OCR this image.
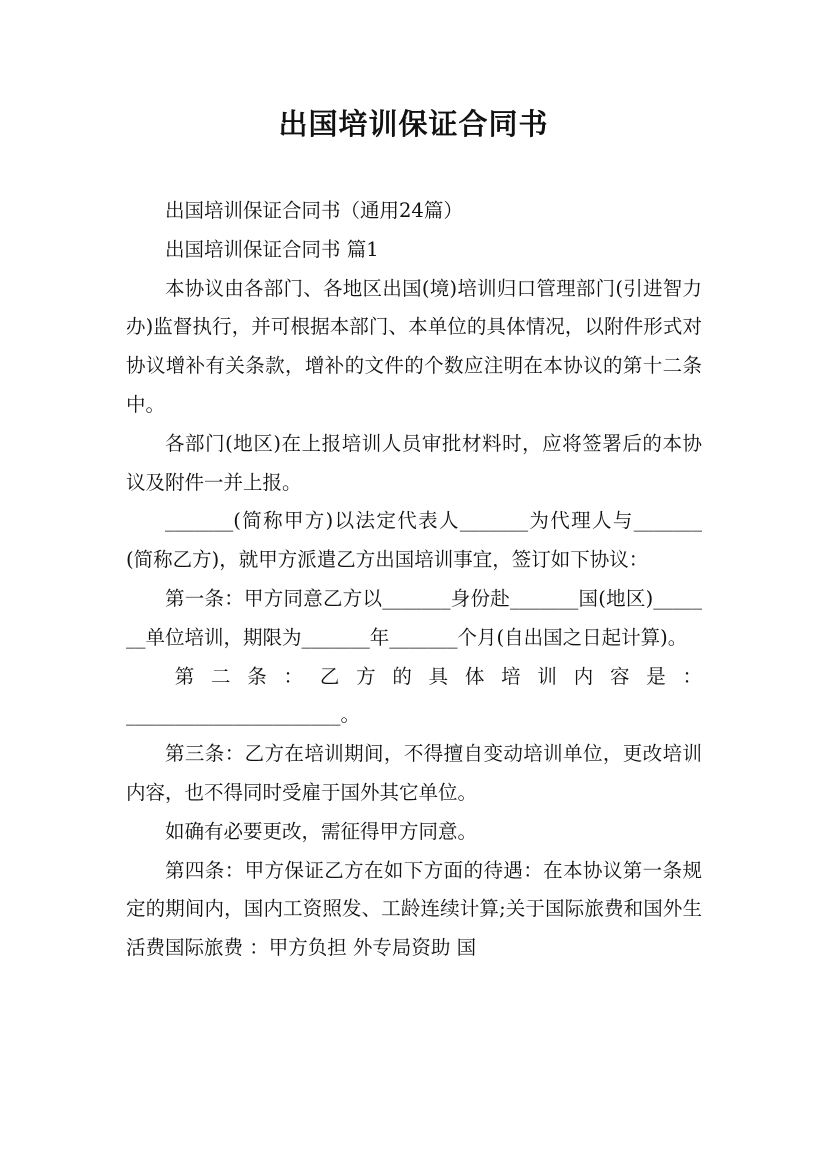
出国培训保证合同书

出国培训保证合同书（通用24篇）

出国培训保证合同书 篇1

本协议由各部门、各地区出国(境)培训归口管理部门(引进智力办)监督执行，并可根据本部门、本单位的具体情况，以附件形式对协议增补有关条款，增补的文件的个数应注明在本协议的第十二条中。

各部门(地区)在上报培训人员审批材料时，应将签署后的本协议及附件一并上报。

_______(简称甲方)以法定代表人_______为代理人与_______(简称乙方)，就甲方派遣乙方出国培训事宜，签订如下协议：

第一条：甲方同意乙方以_______身份赴_______国(地区)_______单位培训，期限为_______年_______个月(自出国之日起计算)。

第 二 条 ： 乙 方 的 具 体 培 训 内 容 是 ：

______________________。

第三条：乙方在培训期间，不得擅自变动培训单位，更改培训内容，也不得同时受雇于国外其它单位。

如确有必要更改，需征得甲方同意。

第四条：甲方保证乙方在如下方面的待遇：在本协议第一条规定的期间内，国内工资照发、工龄连续计算;关于国际旅费和国外生活费国际旅费 ：甲方负担 外专局资助 国
